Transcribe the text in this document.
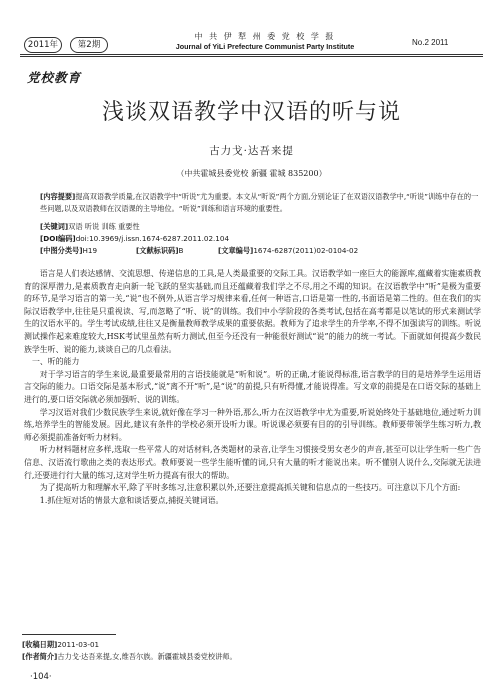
2011年	第2期
中 共 伊 犁 州 委 党 校 学 报
Journal of YiLi Prefecture Communist Party Institute	No.2 2011
党校教育
浅谈双语教学中汉语的听与说
古力戈·达吾来提
（中共霍城县委党校 新疆 霍城 835200）
[内容提要]提高双语教学质量,在汉语教学中“听说”尤为重要。本文从“听说”两个方面,分别论证了在双语汉语教学中,“听说”训练中存在的一些问题,以及双语教师在汉语课的主导地位。“听说”训练和语言环境的重要性。
[关键词]双语 听说 训练 重要性
[DOI编码]doi:10.3969/j.issn.1674-6287.2011.02.104
[中图分类号]H19	[文献标识码]B	[文章编号]1674-6287(2011)02-0104-02

语言是人们表达感情、交流思想、传递信息的工具,是人类最重要的交际工具。汉语教学如一座巨大的能源库,蕴藏着实施素质教育的深厚潜力,是素质教育走向新一轮飞跃的坚实基础,而且还蕴藏着我们学之不尽,用之不竭的知识。在汉语教学中“听”是极为重要的环节,是学习语言的第一关,“说”也不例外,从语言学习规律来看,任何一种语言,口语是第一性的,书面语是第二性的。但在我们的实际汉语教学中,往往是只重视读、写,而忽略了“听、说”的训练。我们中小学阶段的各类考试,包括在高考都是以笔试的形式来测试学生的汉语水平的。学生考试成绩,往往又是衡量教师教学成果的重要依据。教师为了追求学生的升学率,不得不加强读写的训练。听说测试操作起来难度较大,HSK考试里虽然有听力测试,但至今还没有一种能很好测试“说”的能力的统一考试。下面就如何提高少数民族学生听、说的能力,谈谈自己的几点看法。

一、听的能力

对于学习语言的学生来说,最重要最常用的言语技能就是“听和说”。听的正确,才能说得标准,语言教学的目的是培养学生运用语言交际的能力。口语交际是基本形式,“说”离不开“听”,是“说”的前提,只有听得懂,才能说得准。写文章的前提是在口语交际的基础上进行的,要口语交际就必须加强听、说的训练。

学习汉语对我们少数民族学生来说,就好像在学习一种外语,那么,听力在汉语教学中尤为重要,听说始终处于基础地位,通过听力训练,培养学生的智能发展。因此,建议有条件的学校必须开设听力课。听说课必须要有目的的引导训练。教师要带领学生练习听力,教师必须提前准备好听力材料。

听力材料题材应多样,选取一些平常人的对话材料,各类题材的录音,让学生习惯接受男女老少的声音,甚至可以让学生听一些广告信息、汉语流行歌曲之类的表达形式。教师要说一些学生能听懂的词,只有大量的听才能说出来。听不懂别人说什么,交际就无法进行,还要进行行大量的练习,这对学生听力提高有很大的帮助。

为了提高听力和理解水平,除了平时多练习,注意积累以外,还要注意提高抓关键和信息点的一些技巧。可注意以下几个方面:

1.抓住短对话的情景大意和谈话要点,捕捉关键词语。

[收稿日期]2011-03-01
[作者简介]古力戈·达吾来提,女,维吾尔族。新疆霍城县委党校讲师。
·104·
